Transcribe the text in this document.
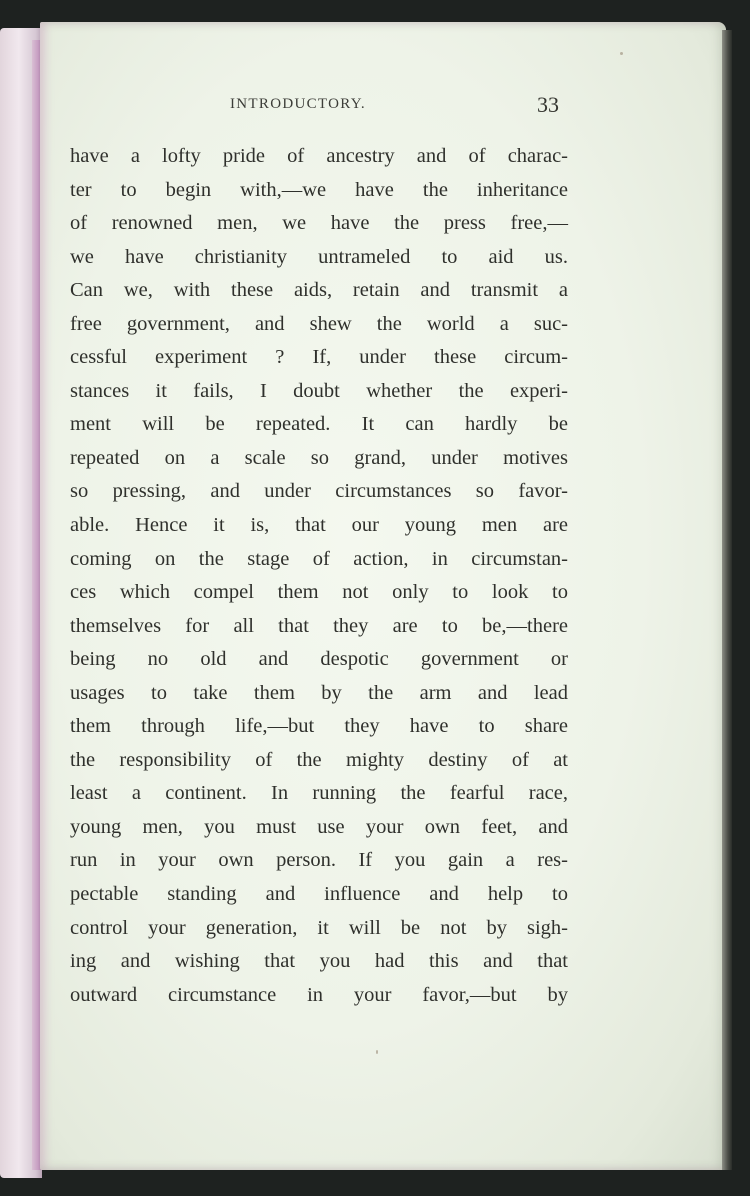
INTRODUCTORY.	33
have a lofty pride of ancestry and of charac-
ter to begin with,—we have the inheritance
of renowned men, we have the press free,—
we have christianity untrameled to aid us.
Can we, with these aids, retain and transmit a
free government, and shew the world a suc-
cessful experiment ? If, under these circum-
stances it fails, I doubt whether the experi-
ment will be repeated. It can hardly be
repeated on a scale so grand, under motives
so pressing, and under circumstances so favor-
able. Hence it is, that our young men are
coming on the stage of action, in circumstan-
ces which compel them not only to look to
themselves for all that they are to be,—there
being no old and despotic government or
usages to take them by the arm and lead
them through life,—but they have to share
the responsibility of the mighty destiny of at
least a continent. In running the fearful race,
young men, you must use your own feet, and
run in your own person. If you gain a res-
pectable standing and influence and help to
control your generation, it will be not by sigh-
ing and wishing that you had this and that
outward circumstance in your favor,—but by
